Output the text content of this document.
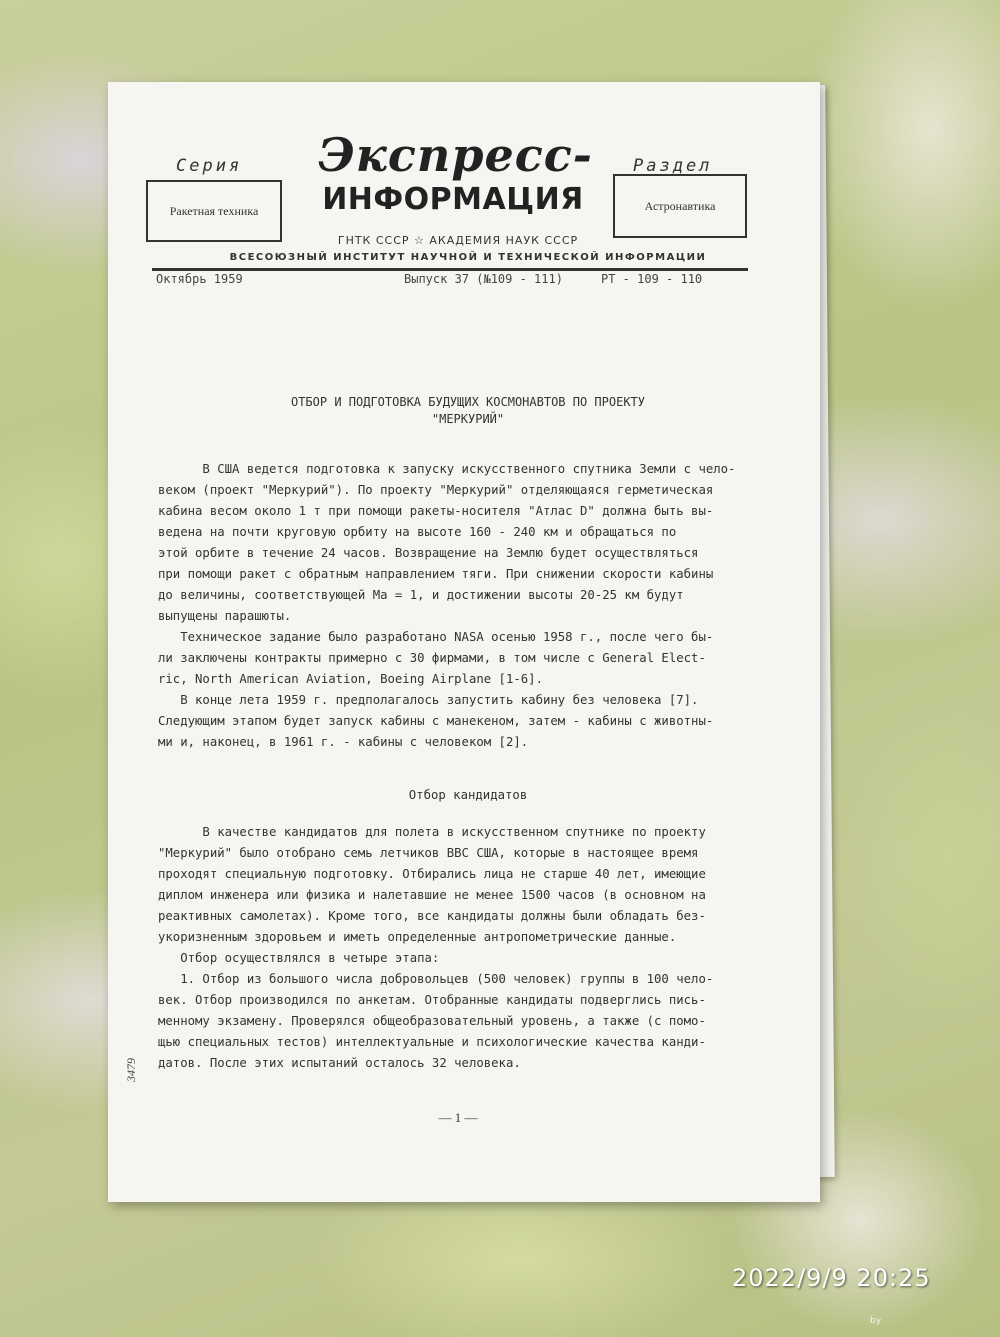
Серия
Ракетная техника
Экспресс-
ИНФОРМАЦИЯ
Раздел
Астронавтика
ГНТК СССР ☆ АКАДЕМИЯ НАУК СССР
ВСЕСОЮЗНЫЙ ИНСТИТУТ НАУЧНОЙ И ТЕХНИЧЕСКОЙ ИНФОРМАЦИИ
Октябрь 1959	Выпуск 37 (№109 - 111)	РТ - 109 - 110
ОТБОР И ПОДГОТОВКА БУДУЩИХ КОСМОНАВТОВ ПО ПРОЕКТУ
"МЕРКУРИЙ"

В США ведется подготовка к запуску искусственного спутника Земли с чело-

веком (проект "Меркурий"). По проекту "Меркурий" отделяющаяся герметическая

кабина весом около 1 т при помощи ракеты-носителя "Атлас D" должна быть вы-

ведена на почти круговую орбиту на высоте 160 - 240 км и обращаться по

этой орбите в течение 24 часов. Возвращение на Землю будет осуществляться

при помощи ракет с обратным направлением тяги. При снижении скорости кабины

до величины, соответствующей Ма = 1, и достижении высоты 20-25 км будут

выпущены парашюты.

Техническое задание было разработано NASA осенью 1958 г., после чего бы-

ли заключены контракты примерно с 30 фирмами, в том числе с General Elect-

ric, North American Aviation, Boeing Airplane [1-6].

В конце лета 1959 г. предполагалось запустить кабину без человека [7].

Следующим этапом будет запуск кабины с манекеном, затем - кабины с животны-

ми и, наконец, в 1961 г. - кабины с человеком [2].

Отбор кандидатов

В качестве кандидатов для полета в искусственном спутнике по проекту

"Меркурий" было отобрано семь летчиков ВВС США, которые в настоящее время

проходят специальную подготовку. Отбирались лица не старше 40 лет, имеющие

диплом инженера или физика и налетавшие не менее 1500 часов (в основном на

реактивных самолетах). Кроме того, все кандидаты должны были обладать без-

укоризненным здоровьем и иметь определенные антропометрические данные.

Отбор осуществлялся в четыре этапа:

1. Отбор из большого числа добровольцев (500 человек) группы в 100 чело-

век. Отбор производился по анкетам. Отобранные кандидаты подверглись пись-

менному экзамену. Проверялся общеобразовательный уровень, а также (с помо-

щью специальных тестов) интеллектуальные и психологические качества канди-

датов. После этих испытаний осталось 32 человека.

3479
— 1 —
2022/9/9 20:25
by
